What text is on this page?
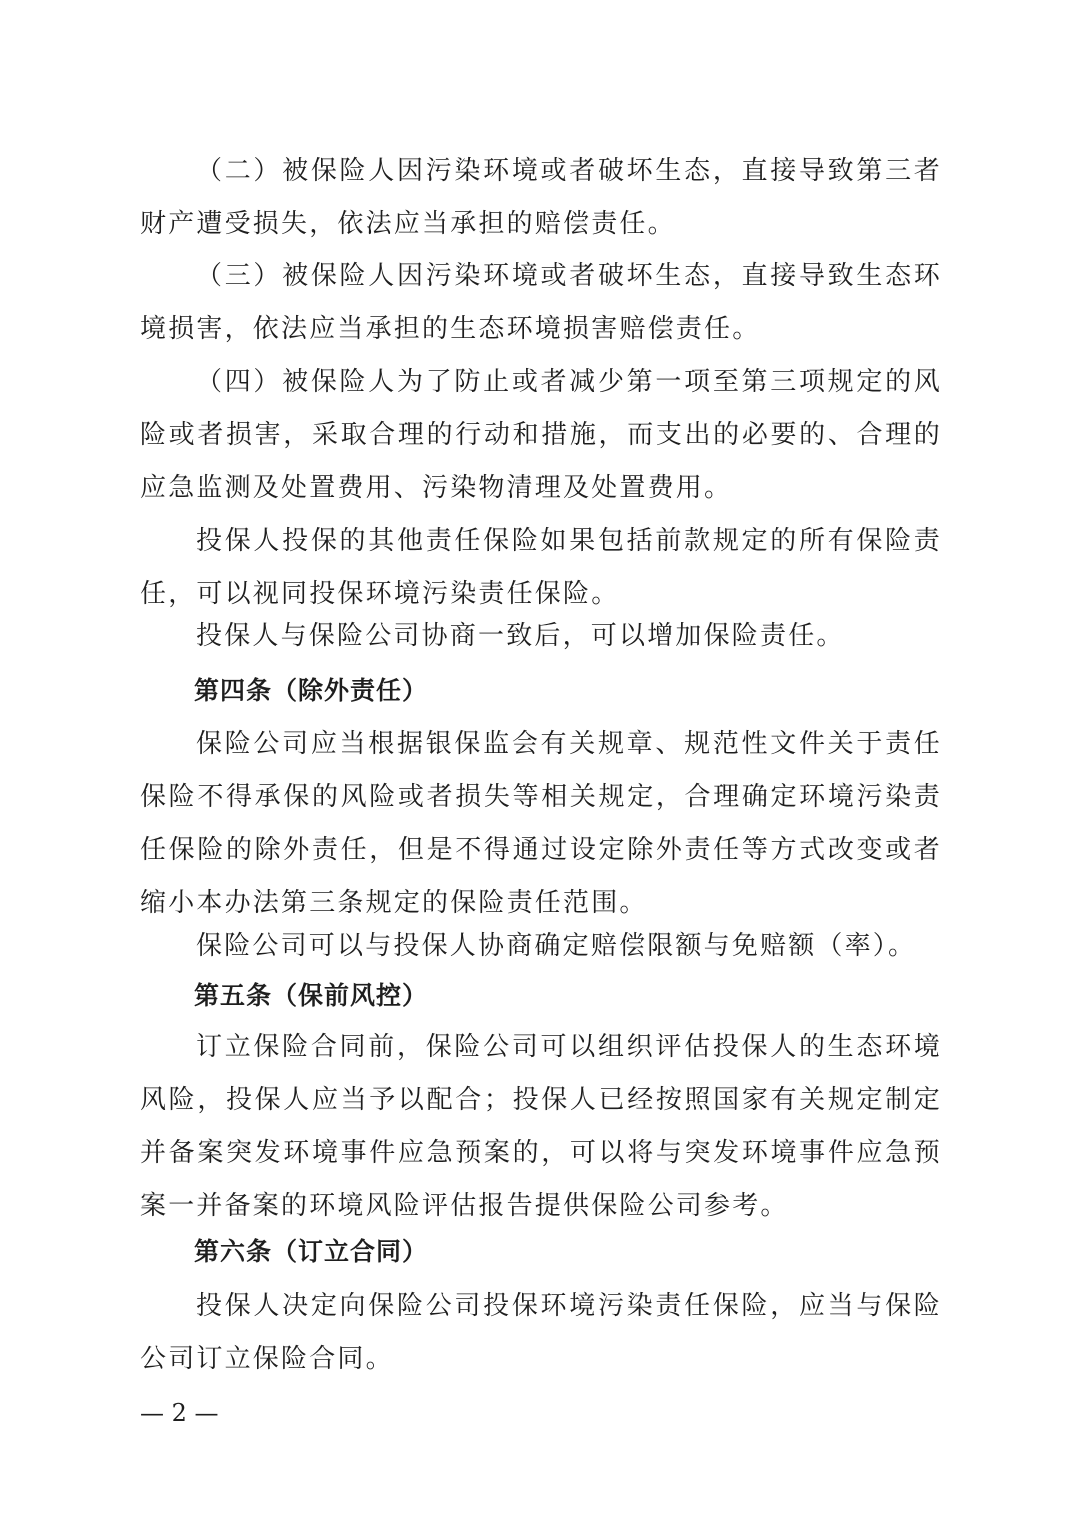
（二）被保险人因污染环境或者破坏生态，直接导致第三者财产遭受损失，依法应当承担的赔偿责任。

（三）被保险人因污染环境或者破坏生态，直接导致生态环境损害，依法应当承担的生态环境损害赔偿责任。

（四）被保险人为了防止或者减少第一项至第三项规定的风险或者损害，采取合理的行动和措施，而支出的必要的、合理的应急监测及处置费用、污染物清理及处置费用。

投保人投保的其他责任保险如果包括前款规定的所有保险责任，可以视同投保环境污染责任保险。

投保人与保险公司协商一致后，可以增加保险责任。

第四条（除外责任）

保险公司应当根据银保监会有关规章、规范性文件关于责任保险不得承保的风险或者损失等相关规定，合理确定环境污染责任保险的除外责任，但是不得通过设定除外责任等方式改变或者缩小本办法第三条规定的保险责任范围。

保险公司可以与投保人协商确定赔偿限额与免赔额（率）。

第五条（保前风控）

订立保险合同前，保险公司可以组织评估投保人的生态环境风险，投保人应当予以配合；投保人已经按照国家有关规定制定并备案突发环境事件应急预案的，可以将与突发环境事件应急预案一并备案的环境风险评估报告提供保险公司参考。

第六条（订立合同）

投保人决定向保险公司投保环境污染责任保险，应当与保险公司订立保险合同。

— 2 —
